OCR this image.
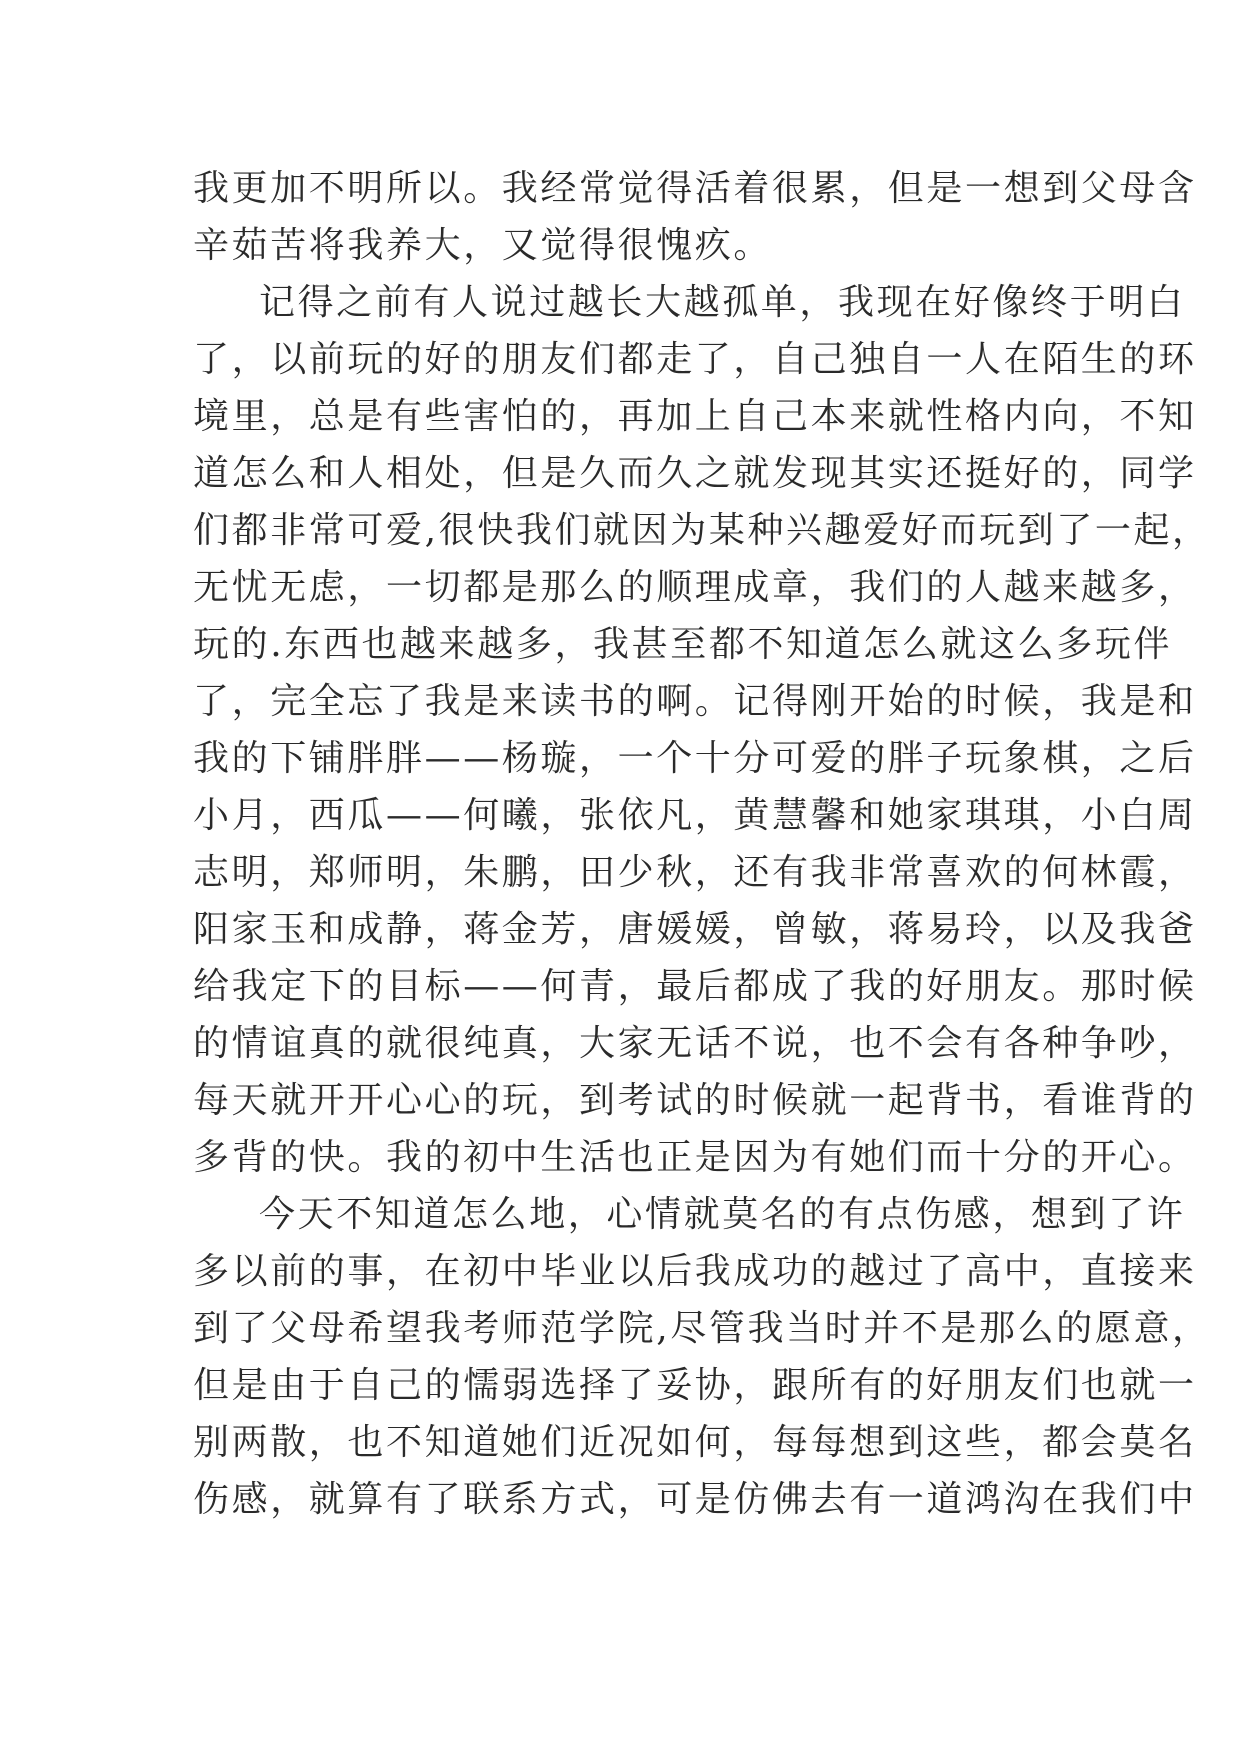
我更加不明所以。我经常觉得活着很累，但是一想到父母含
辛茹苦将我养大，又觉得很愧疚。

记得之前有人说过越长大越孤单，我现在好像终于明白
了，以前玩的好的朋友们都走了，自己独自一人在陌生的环
境里，总是有些害怕的，再加上自己本来就性格内向，不知
道怎么和人相处，但是久而久之就发现其实还挺好的，同学
们都非常可爱,很快我们就因为某种兴趣爱好而玩到了一起，
无忧无虑，一切都是那么的顺理成章，我们的人越来越多，
玩的.东西也越来越多，我甚至都不知道怎么就这么多玩伴
了，完全忘了我是来读书的啊。记得刚开始的时候，我是和
我的下铺胖胖——杨璇，一个十分可爱的胖子玩象棋，之后
小月，西瓜——何曦，张依凡，黄慧馨和她家琪琪，小白周
志明，郑师明，朱鹏，田少秋，还有我非常喜欢的何林霞，
阳家玉和成静，蒋金芳，唐媛媛，曾敏，蒋易玲，以及我爸
给我定下的目标——何青，最后都成了我的好朋友。那时候
的情谊真的就很纯真，大家无话不说，也不会有各种争吵，
每天就开开心心的玩，到考试的时候就一起背书，看谁背的
多背的快。我的初中生活也正是因为有她们而十分的开心。

今天不知道怎么地，心情就莫名的有点伤感，想到了许
多以前的事，在初中毕业以后我成功的越过了高中，直接来
到了父母希望我考师范学院,尽管我当时并不是那么的愿意，
但是由于自己的懦弱选择了妥协，跟所有的好朋友们也就一
别两散，也不知道她们近况如何，每每想到这些，都会莫名
伤感，就算有了联系方式，可是仿佛去有一道鸿沟在我们中
